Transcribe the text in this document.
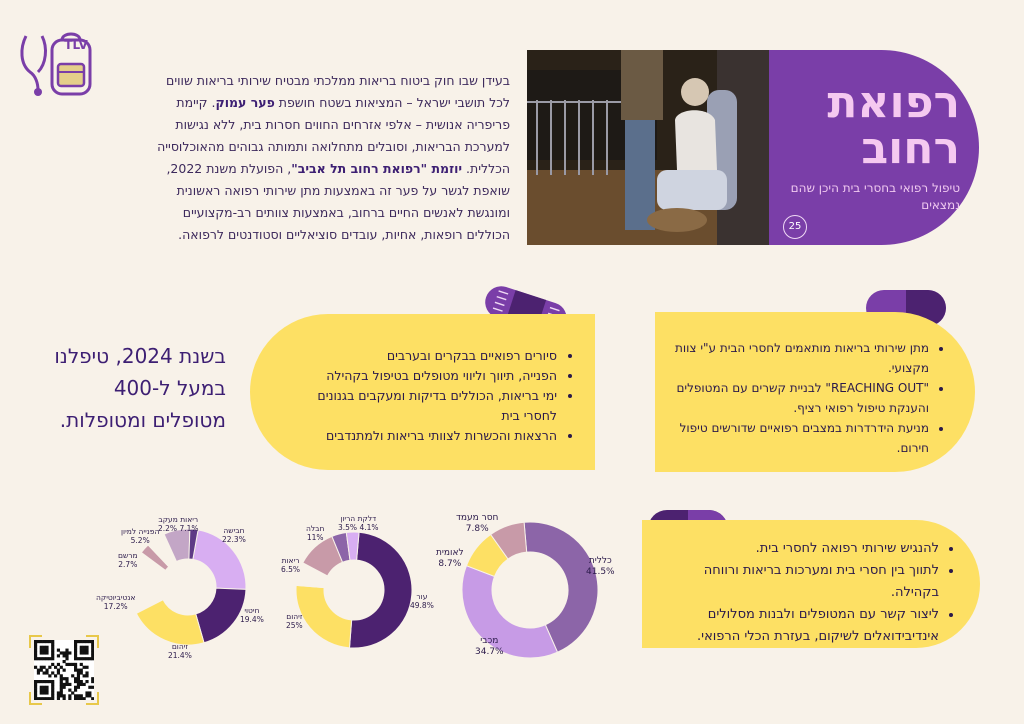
TLV
בעידן שבו חוק ביטוח בריאות ממלכתי מבטיח שירותי בריאות שווים לכל תושבי ישראל – המציאות בשטח חושפת פער עמוק. קיימת פריפריה אנושית – אלפי אזרחים החווים חסרות בית, ללא נגישות למערכת הבריאות, וסובלים מתחלואה ותמותה גבוהים מהאוכלוסייה הכללית. יוזמת "רפואת רחוב תל אביב", הפועלת משנת 2022, שואפת לגשר על פער זה באמצעות מתן שירותי רפואה ראשונית ומונגשת לאנשים החיים ברחוב, באמצעות צוותים רב-מקצועיים הכוללים רופאות, אחיות, עובדים סוציאליים וסטודנטים לרפואה.
רפואת
רחוב
טיפול רפואי בחסרי בית היכן שהם נמצאים
25
• סיורים רפואיים בבקרים ובערבים
• הפנייה, תיווך וליווי מטופלים בטיפול בקהילה
• ימי בריאות, הכוללים בדיקות ומעקבים בגנונים לחסרי בית
• הרצאות והכשרות לצוותי בריאות ולמתנדבים
• מתן שירותי בריאות מותאמים לחסרי הבית ע"י צוות מקצועי.
• "REACHING OUT" לבניית קשרים עם המטופלים והענקת טיפול רפואי רציף.
• מניעת הידרדרות במצבים רפואיים שדורשים טיפול חירום.
בשנת 2024, טיפלנו
במעל ל-400
מטופלים ומטופלות.
• להנגיש שירותי רפואה לחסרי בית.
• לתווך בין חסרי בית ומערכות בריאות ורווחה בקהילה.
• ליצור קשר עם המטופלים ולבנות מסלולים אינדיבידואלים לשיקום, בעזרת הכלי הרפואי.
כללית
41.5%
מכבי
34.7%
לאומית
8.7%
חסר מעמד
7.8%
עור
49.8%
זיהום
25%
ריאות
6.5%
חבלה
11%
דלקת הריון
4.1% 3.5%
חבישה
22.3%
חיטוי
19.4%
זיהום
21.4%
אנטיביוטיקה
17.2%
מרשם
2.7%
הפנייה למיון
5.2%
ריאות מעקב
7.1% 2.2%
